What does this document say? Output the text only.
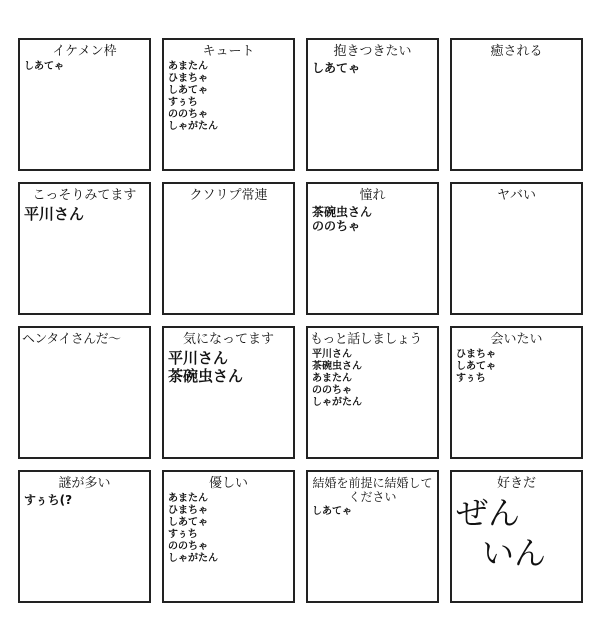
イケメン枠
しあてゃ
キュート
あまたん
ひまちゃ
しあてゃ
すぅち
ののちゃ
しゃがたん
抱きつきたい
しあてゃ
癒される
こっそりみてます
平川さん
クソリプ常連	憧れ
茶碗虫さん
ののちゃ
ヤバい
ヘンタイさんだ～	気になってます
平川さん
茶碗虫さん
もっと話しましょう
平川さん
茶碗虫さん
あまたん
ののちゃ
しゃがたん
会いたい
ひまちゃ
しあてゃ
すぅち
謎が多い
すぅち(?
優しい
あまたん
ひまちゃ
しあてゃ
すぅち
ののちゃ
しゃがたん
結婚を前提に結婚してください
しあてゃ
好きだ
ぜん
いん
